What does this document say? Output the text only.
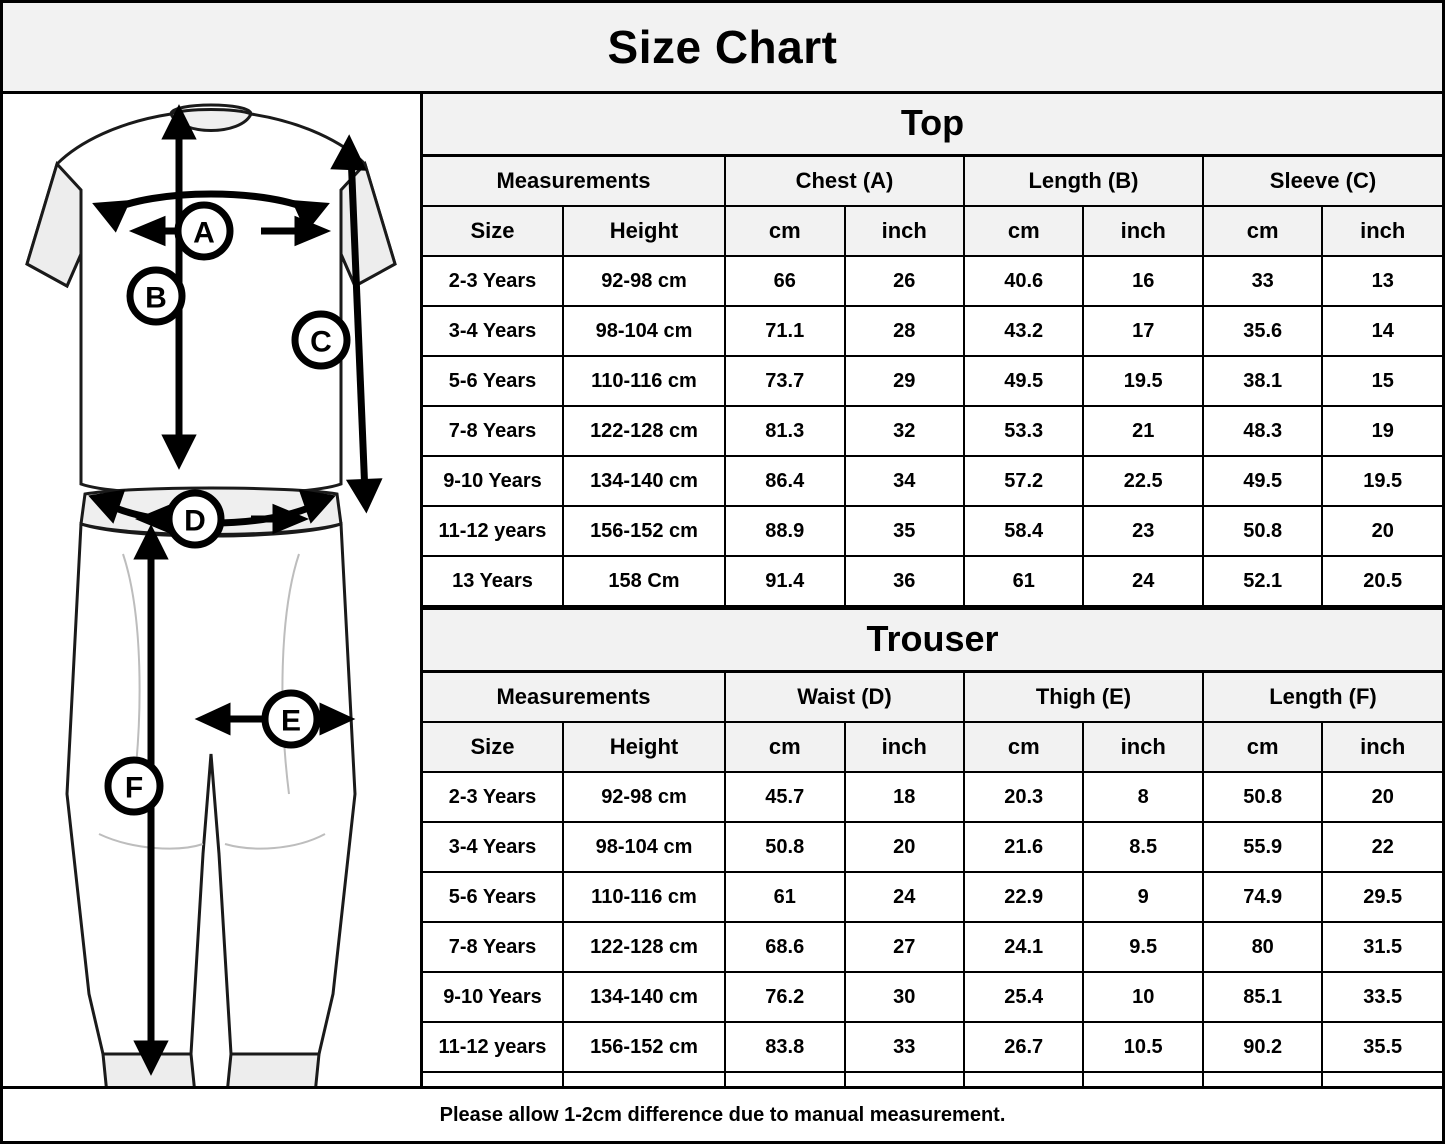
Size Chart
A
B
C
D
E
F
Top
Measurements		Chest (A)		Length (B)		Sleeve (C)	
Size	Height	cm	inch	cm	inch	cm	inch
2-3 Years	92-98 cm	66	26	40.6	16	33	13
3-4 Years	98-104 cm	71.1	28	43.2	17	35.6	14
5-6 Years	110-116 cm	73.7	29	49.5	19.5	38.1	15
7-8 Years	122-128 cm	81.3	32	53.3	21	48.3	19
9-10 Years	134-140 cm	86.4	34	57.2	22.5	49.5	19.5
11-12 years	156-152 cm	88.9	35	58.4	23	50.8	20
13 Years	158 Cm	91.4	36	61	24	52.1	20.5
Trouser
Measurements		Waist (D)		Thigh (E)		Length (F)	
Size	Height	cm	inch	cm	inch	cm	inch
2-3 Years	92-98 cm	45.7	18	20.3	8	50.8	20
3-4 Years	98-104 cm	50.8	20	21.6	8.5	55.9	22
5-6 Years	110-116 cm	61	24	22.9	9	74.9	29.5
7-8 Years	122-128 cm	68.6	27	24.1	9.5	80	31.5
9-10 Years	134-140 cm	76.2	30	25.4	10	85.1	33.5
11-12 years	156-152 cm	83.8	33	26.7	10.5	90.2	35.5

Please allow 1-2cm difference due to manual measurement.
